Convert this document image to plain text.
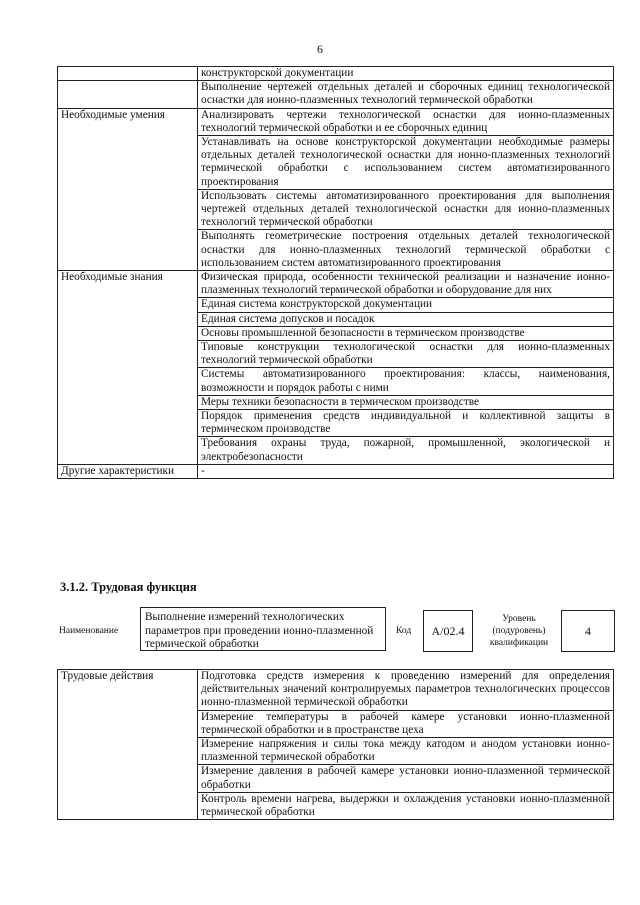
6
	конструкторской документации
	Выполнение чертежей отдельных деталей и сборочных единиц технологической оснастки для ионно-плазменных технологий термической обработки
Необходимые умения	Анализировать чертежи технологической оснастки для ионно-плазменных технологий термической обработки и ее сборочных единиц
	Устанавливать на основе конструкторской документации необходимые размеры отдельных деталей технологической оснастки для ионно-плазменных технологий термической обработки с использованием систем автоматизированного проектирования
	Использовать системы автоматизированного проектирования для выполнения чертежей отдельных деталей технологической оснастки для ионно-плазменных технологий термической обработки
	Выполнять геометрические построения отдельных деталей технологической оснастки для ионно-плазменных технологий термической обработки с использованием систем автоматизированного проектирования
Необходимые знания	Физическая природа, особенности технической реализации и назначение ионно-плазменных технологий термической обработки и оборудование для них
	Единая система конструкторской документации
	Единая система допусков и посадок
	Основы промышленной безопасности в термическом производстве
	Типовые конструкции технологической оснастки для ионно-плазменных технологий термической обработки
	Системы автоматизированного проектирования: классы, наименования, возможности и порядок работы с ними
	Меры техники безопасности в термическом производстве
	Порядок применения средств индивидуальной и коллективной защиты в термическом производстве
	Требования охраны труда, пожарной, промышленной, экологической и электробезопасности
Другие характеристики	-
3.1.2. Трудовая функция
Наименование
Выполнение измерений технологических параметров при проведении ионно-плазменной термической обработки
Код	А/02.4
Уровень (подуровень) квалификации
4
Трудовые действия	Подготовка средств измерения к проведению измерений для определения действительных значений контролируемых параметров технологических процессов ионно-плазменной термической обработки
Измерение температуры в рабочей камере установки ионно-плазменной термической обработки и в пространстве цеха
Измерение напряжения и силы тока между катодом и анодом установки ионно-плазменной термической обработки
Измерение давления в рабочей камере установки ионно-плазменной термической обработки
Контроль времени нагрева, выдержки и охлаждения установки ионно-плазменной термической обработки
